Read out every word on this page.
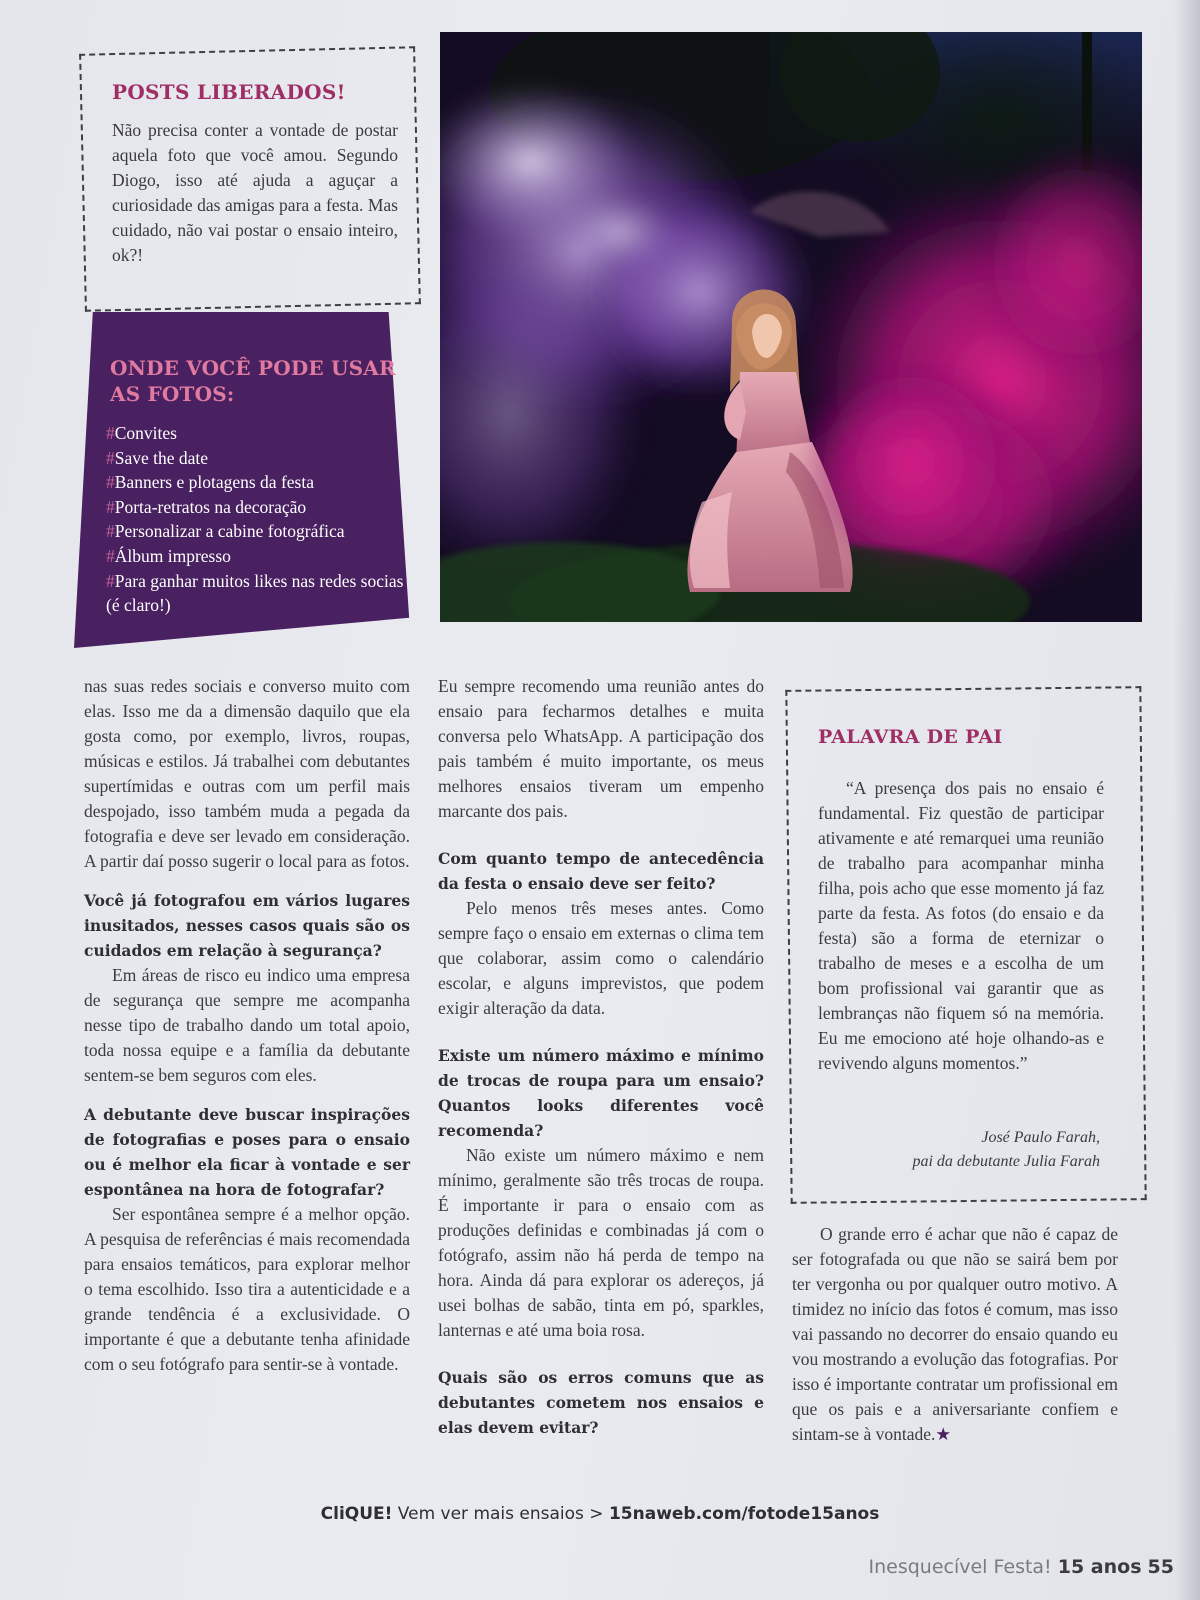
POSTS LIBERADOS!

Não precisa conter a vontade de postar aquela foto que você amou. Segundo Diogo, isso até ajuda a aguçar a curiosidade das amigas para a festa. Mas cuidado, não vai postar o ensaio inteiro, ok?!

ONDE VOCÊ PODE USAR AS FOTOS:
#Convites
#Save the date
#Banners e plotagens da festa
#Porta-retratos na decoração
#Personalizar a cabine fotográfica
#Álbum impresso
#Para ganhar muitos likes nas redes socias (é claro!)

nas suas redes sociais e converso muito com elas. Isso me da a dimensão daquilo que ela gosta como, por exemplo, livros, roupas, músicas e estilos. Já trabalhei com debutantes supertímidas e outras com um perfil mais despojado, isso também muda a pegada da fotografia e deve ser levado em consideração. A partir daí posso sugerir o local para as fotos.

Você já fotografou em vários lugares inusitados, nesses casos quais são os cuidados em relação à segurança?

Em áreas de risco eu indico uma empresa de segurança que sempre me acompanha nesse tipo de trabalho dando um total apoio, toda nossa equipe e a família da debutante sentem-se bem seguros com eles.

A debutante deve buscar inspirações de fotografias e poses para o ensaio ou é melhor ela ficar à vontade e ser espontânea na hora de fotografar?

Ser espontânea sempre é a melhor opção. A pesquisa de referências é mais recomendada para ensaios temáticos, para explorar melhor o tema escolhido. Isso tira a autenticidade e a grande tendência é a exclusividade. O importante é que a debutante tenha afinidade com o seu fotógrafo para sentir-se à vontade.

Eu sempre recomendo uma reunião antes do ensaio para fecharmos detalhes e muita conversa pelo WhatsApp. A participação dos pais também é muito importante, os meus melhores ensaios tiveram um empenho marcante dos pais.

Com quanto tempo de antecedência da festa o ensaio deve ser feito?

Pelo menos três meses antes. Como sempre faço o ensaio em externas o clima tem que colaborar, assim como o calendário escolar, e alguns imprevistos, que podem exigir alteração da data.

Existe um número máximo e mínimo de trocas de roupa para um ensaio? Quantos looks diferentes você recomenda?

Não existe um número máximo e nem mínimo, geralmente são três trocas de roupa. É importante ir para o ensaio com as produções definidas e combinadas já com o fotógrafo, assim não há perda de tempo na hora. Ainda dá para explorar os adereços, já usei bolhas de sabão, tinta em pó, sparkles, lanternas e até uma boia rosa.

Quais são os erros comuns que as debutantes cometem nos ensaios e elas devem evitar?

PALAVRA DE PAI

“A presença dos pais no ensaio é fundamental. Fiz questão de participar ativamente e até remarquei uma reunião de trabalho para acompanhar minha filha, pois acho que esse momento já faz parte da festa. As fotos (do ensaio e da festa) são a forma de eternizar o trabalho de meses e a escolha de um bom profissional vai garantir que as lembranças não fiquem só na memória. Eu me emociono até hoje olhando-as e revivendo alguns momentos.”

José Paulo Farah,
pai da debutante Julia Farah

O grande erro é achar que não é capaz de ser fotografada ou que não se sairá bem por ter vergonha ou por qualquer outro motivo. A timidez no início das fotos é comum, mas isso vai passando no decorrer do ensaio quando eu vou mostrando a evolução das fotografias. Por isso é importante contratar um profissional em que os pais e a aniversariante confiem e sintam-se à vontade.★

CliQUE! Vem ver mais ensaios > 15naweb.com/fotode15anos

Inesquecível Festa! 15 anos 55
